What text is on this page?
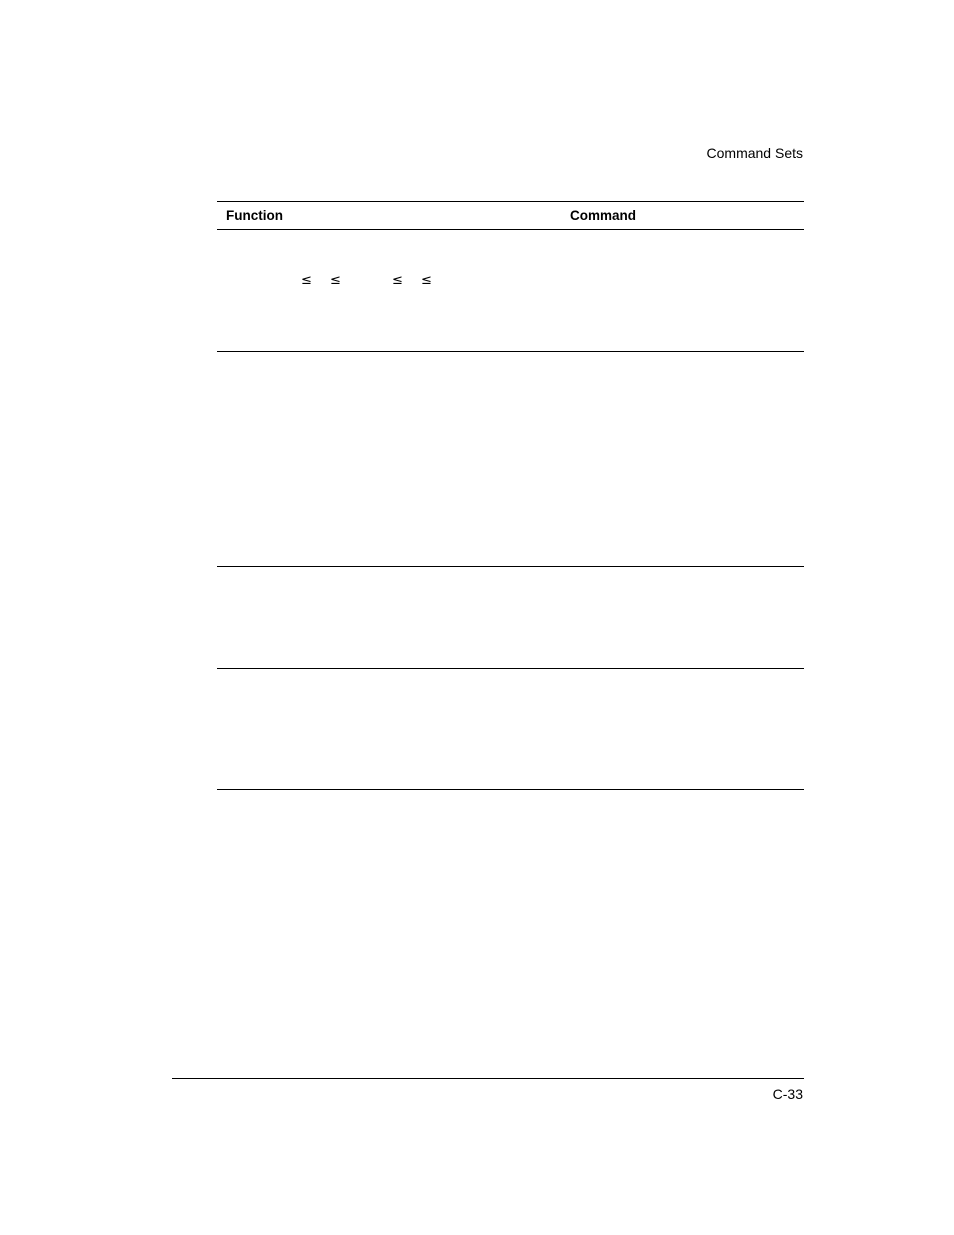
Command Sets
Function	Command
≤ ≤	≤ ≤
C-33
